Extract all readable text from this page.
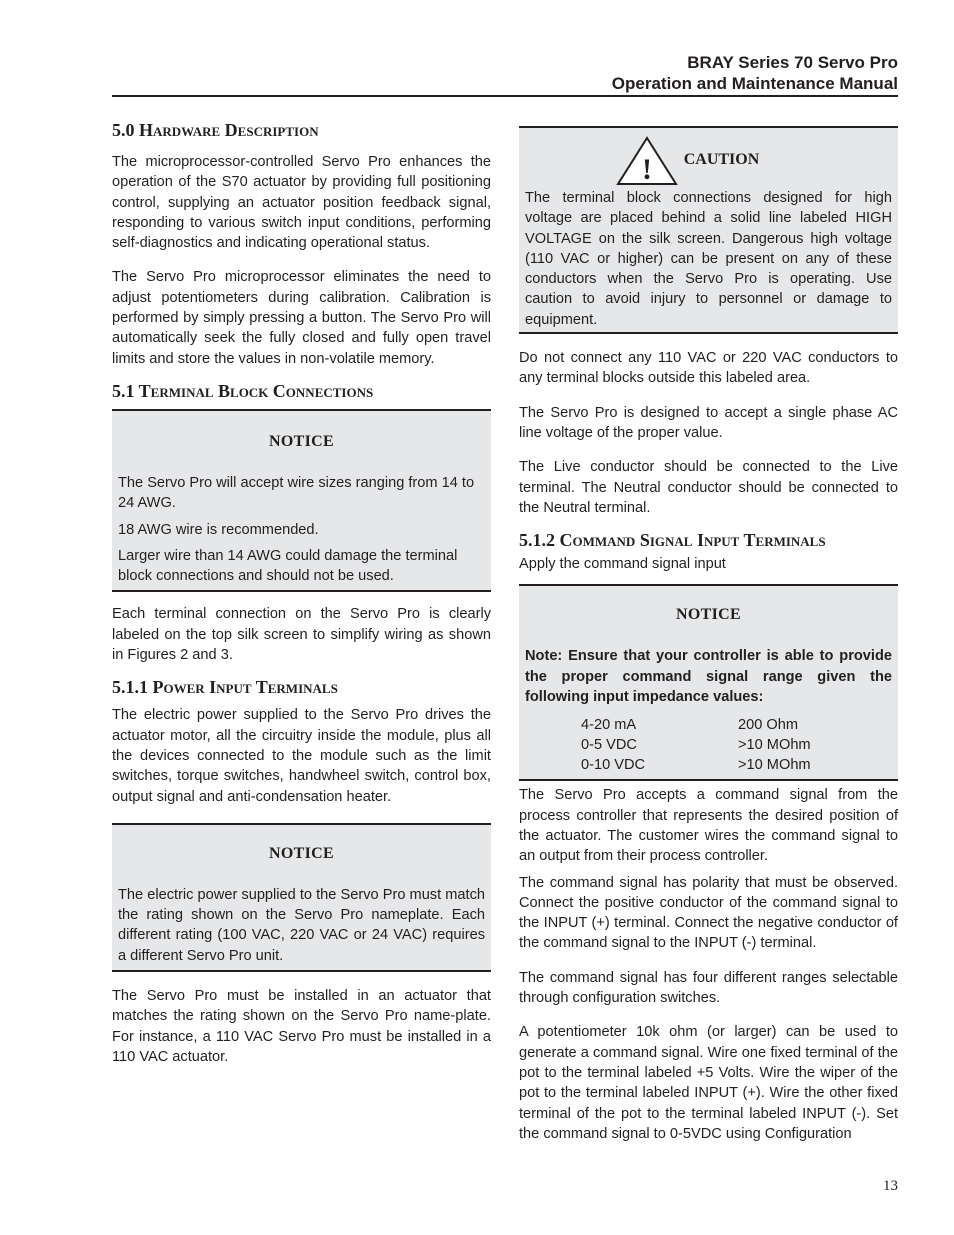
BRAY Series 70 Servo Pro
Operation and Maintenance Manual
5.0 Hardware Description

The microprocessor-controlled Servo Pro enhances the operation of the S70 actuator by providing full positioning control, supplying an actuator position feedback signal, responding to various switch input conditions, performing self-diagnostics and indicating operational status.

The Servo Pro microprocessor eliminates the need to adjust potentiometers during calibration. Calibration is performed by simply pressing a button. The Servo Pro will automatically seek the fully closed and fully open travel limits and store the values in non-volatile memory.

5.1 Terminal Block Connections
NOTICE

The Servo Pro will accept wire sizes ranging from 14 to 24 AWG.

18 AWG wire is recommended.

Larger wire than 14 AWG could damage the terminal block connections and should not be used.

Each terminal connection on the Servo Pro is clearly labeled on the top silk screen to simplify wiring as shown in Figures 2 and 3.

5.1.1 Power Input Terminals

The electric power supplied to the Servo Pro drives the actuator motor, all the circuitry inside the module, plus all the devices connected to the module such as the limit switches, torque switches, handwheel switch, control box, output signal and anti-condensation heater.

NOTICE

The electric power supplied to the Servo Pro must match the rating shown on the Servo Pro nameplate. Each different rating (100 VAC, 220 VAC or 24 VAC) requires a different Servo Pro unit.

The Servo Pro must be installed in an actuator that matches the rating shown on the Servo Pro name-plate. For instance, a 110 VAC Servo Pro must be installed in a 110 VAC actuator.

! CAUTION

The terminal block connections designed for high voltage are placed behind a solid line labeled HIGH VOLTAGE on the silk screen. Dangerous high voltage (110 VAC or higher) can be present on any of these conductors when the Servo Pro is operating. Use caution to avoid injury to personnel or damage to equipment.

Do not connect any 110 VAC or 220 VAC conductors to any terminal blocks outside this labeled area.

The Servo Pro is designed to accept a single phase AC line voltage of the proper value.

The Live conductor should be connected to the Live terminal. The Neutral conductor should be connected to the Neutral terminal.

5.1.2 Command Signal Input Terminals

Apply the command signal input

NOTICE

Note: Ensure that your controller is able to provide the proper command signal range given the following input impedance values:

4-20 mA	200 Ohm
0-5 VDC	>10 MOhm
0-10 VDC	>10 MOhm

The Servo Pro accepts a command signal from the process controller that represents the desired position of the actuator. The customer wires the command signal to an output from their process controller.

The command signal has polarity that must be observed. Connect the positive conductor of the command signal to the INPUT (+) terminal. Connect the negative conductor of the command signal to the INPUT (-) terminal.

The command signal has four different ranges selectable through configuration switches.

A potentiometer 10k ohm (or larger) can be used to generate a command signal. Wire one fixed terminal of the pot to the terminal labeled +5 Volts. Wire the wiper of the pot to the terminal labeled INPUT (+). Wire the other fixed terminal of the pot to the terminal labeled INPUT (-). Set the command signal to 0-5VDC using Configuration

13
